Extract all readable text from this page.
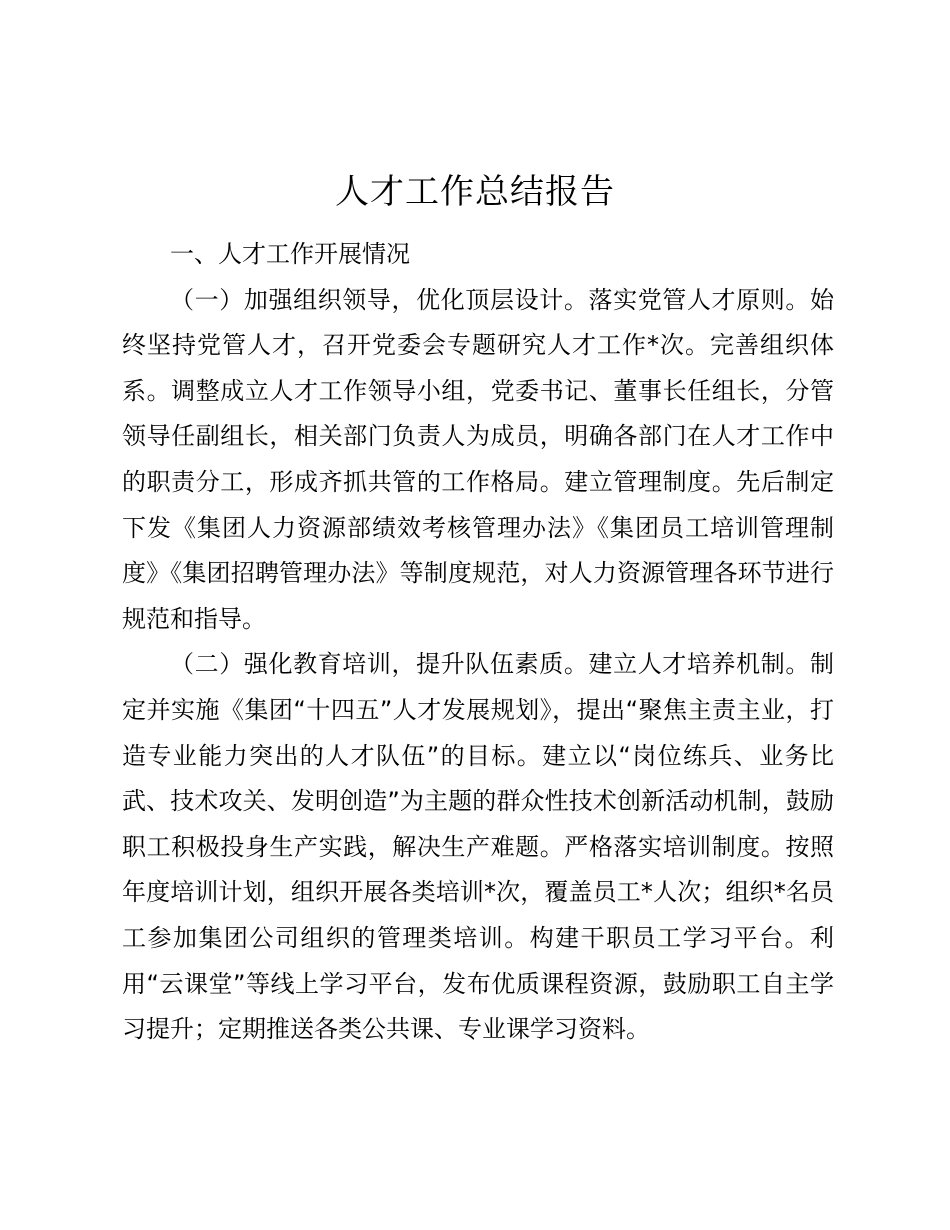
人才工作总结报告

一、人才工作开展情况

（一）加强组织领导，优化顶层设计。落实党管人才原则。始终坚持党管人才，召开党委会专题研究人才工作*次。完善组织体系。调整成立人才工作领导小组，党委书记、董事长任组长，分管领导任副组长，相关部门负责人为成员，明确各部门在人才工作中的职责分工，形成齐抓共管的工作格局。建立管理制度。先后制定下发《集团人力资源部绩效考核管理办法》《集团员工培训管理制度》《集团招聘管理办法》等制度规范，对人力资源管理各环节进行规范和指导。

（二）强化教育培训，提升队伍素质。建立人才培养机制。制定并实施《集团“十四五”人才发展规划》，提出“聚焦主责主业，打造专业能力突出的人才队伍”的目标。建立以“岗位练兵、业务比武、技术攻关、发明创造”为主题的群众性技术创新活动机制，鼓励职工积极投身生产实践，解决生产难题。严格落实培训制度。按照年度培训计划，组织开展各类培训*次，覆盖员工*人次；组织*名员工参加集团公司组织的管理类培训。构建干职员工学习平台。利用“云课堂”等线上学习平台，发布优质课程资源，鼓励职工自主学习提升；定期推送各类公共课、专业课学习资料。
